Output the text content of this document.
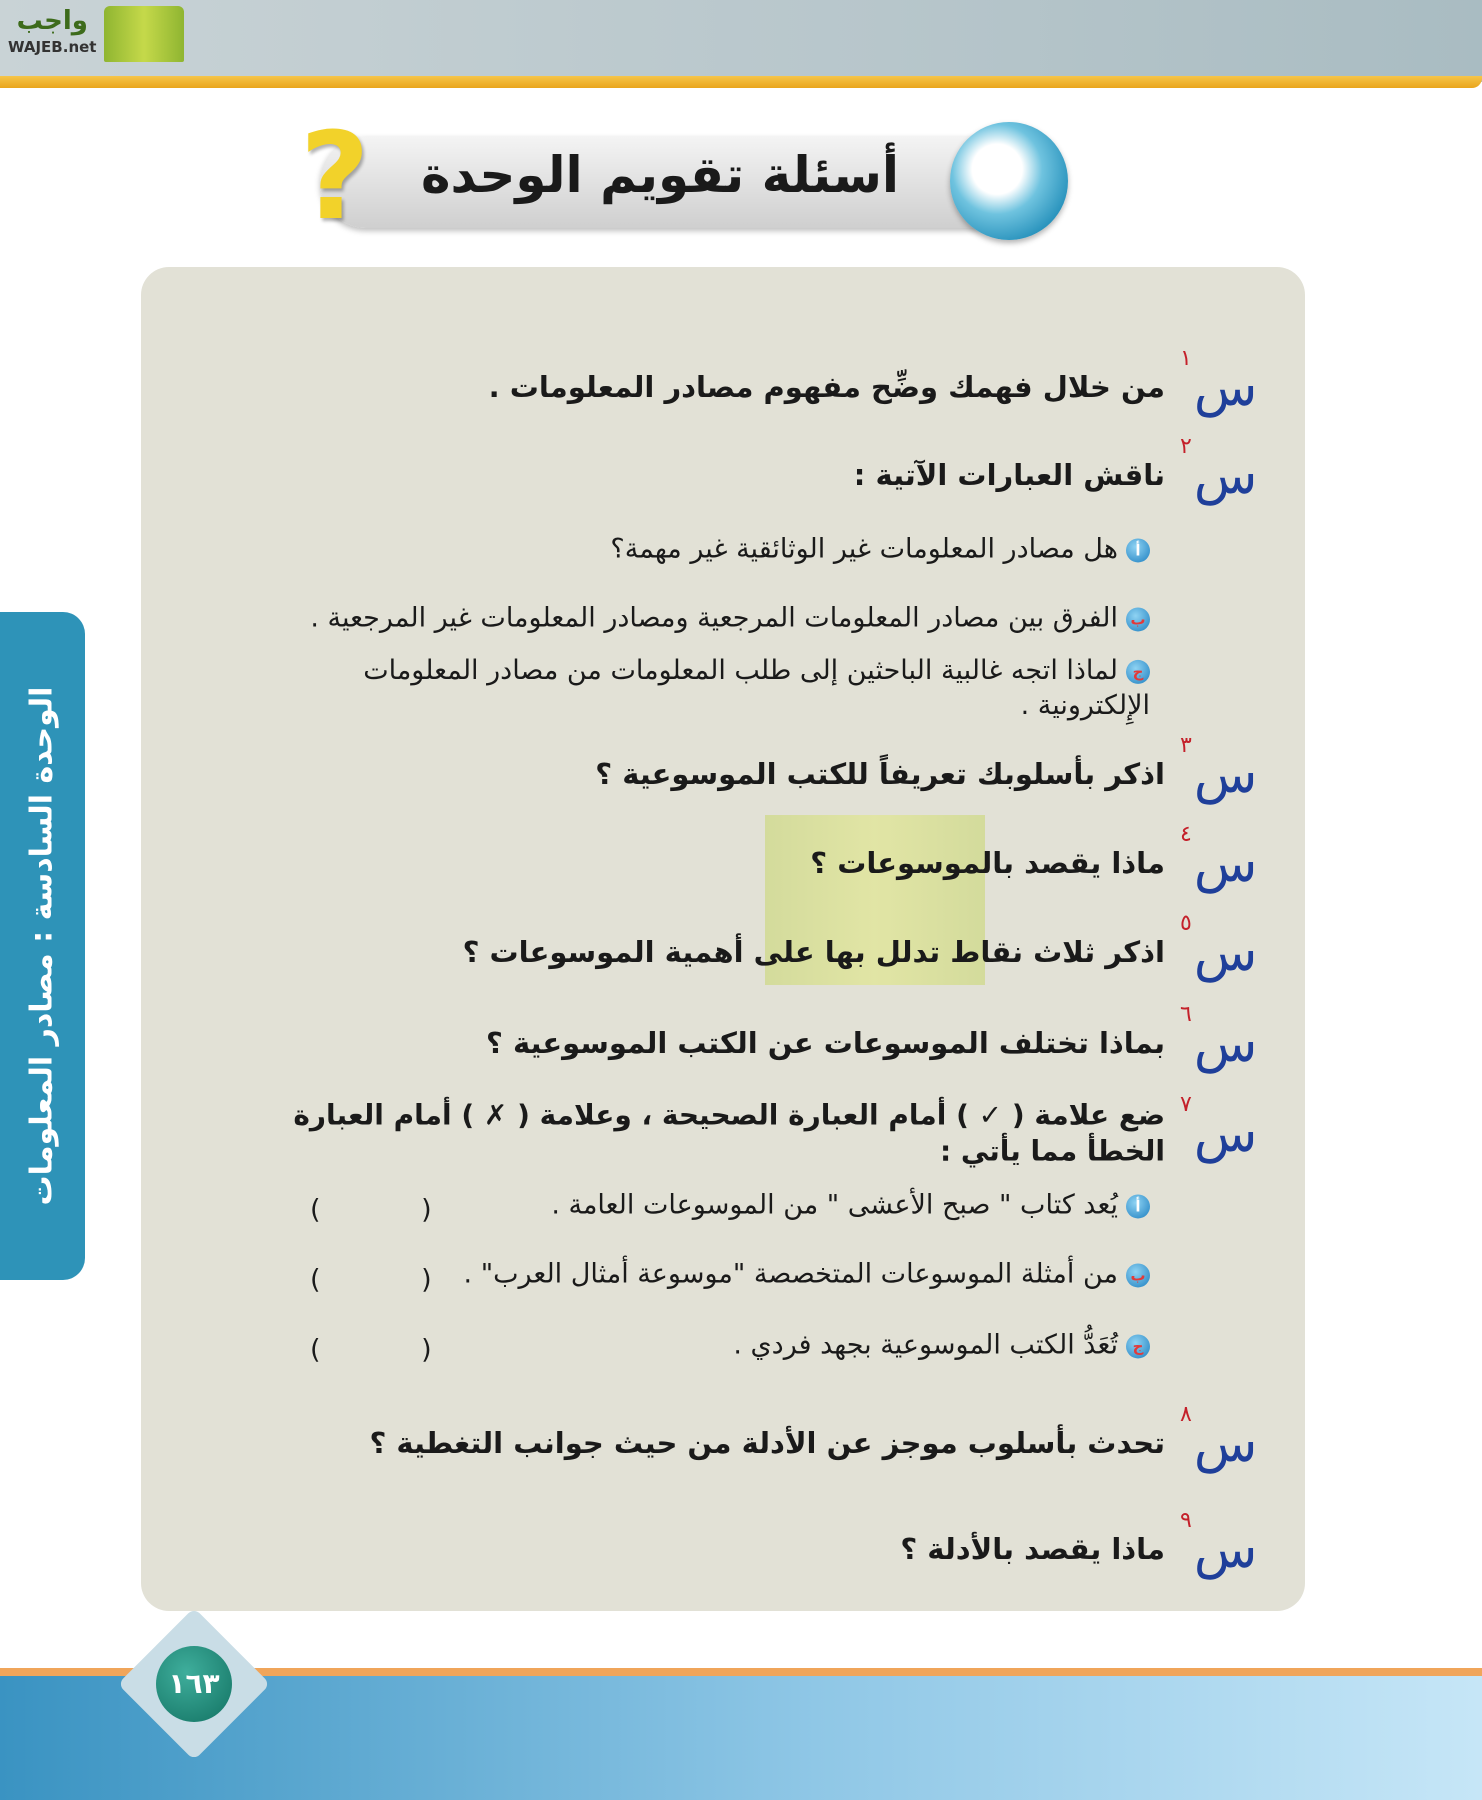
واجب
WAJEB.net
?	أسئلة تقويم الوحدة
الوحدة السادسة : مصادر المعلومات
١س
من خلال فهمك وضِّح مفهوم مصادر المعلومات .
٢س
ناقش العبارات الآتية :
أهل مصادر المعلومات غير الوثائقية غير مهمة؟
بالفرق بين مصادر المعلومات المرجعية ومصادر المعلومات غير المرجعية .
جلماذا اتجه غالبية الباحثين إلى طلب المعلومات من مصادر المعلومات الإِلكترونية .
٣س
اذكر بأسلوبك تعريفاً للكتب الموسوعية ؟
٤س
ماذا يقصد بالموسوعات ؟
٥س
اذكر ثلاث نقاط تدلل بها على أهمية الموسوعات ؟
٦س
بماذا تختلف الموسوعات عن الكتب الموسوعية ؟
٧س
ضع علامة ( ✓ ) أمام العبارة الصحيحة ، وعلامة ( ✗ ) أمام العبارة الخطأ مما يأتي :
أيُعد كتاب " صبح الأعشى " من الموسوعات العامة .
( )
بمن أمثلة الموسوعات المتخصصة "موسوعة أمثال العرب" .
( )
جتُعَدُّ الكتب الموسوعية بجهد فردي .
( )
٨س
تحدث بأسلوب موجز عن الأدلة من حيث جوانب التغطية ؟
٩س
ماذا يقصد بالأدلة ؟
١٦٣
